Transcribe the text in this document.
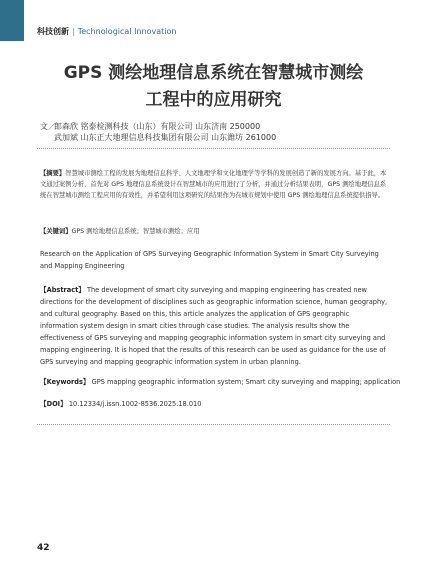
科技创新 | Technological Innovation
GPS 测绘地理信息系统在智慧城市测绘
工程中的应用研究
文／
郎森欣 铭泰检测科技（山东）有限公司 山东济南 250000
武加斌 山东正大地理信息科技集团有限公司 山东潍坊 261000
【摘要】智慧城市测绘工程的发展为地理信息科学、人文地理学和文化地理学等学科的发展创造了新的发展方向。基于此，本文通过案例分析，首先对 GPS 地理信息系统设计在智慧城市的应用进行了分析，并通过分析结果表明，GPS 测绘地理信息系统在智慧城市测绘工程应用的有效性，并希望利用这项研究的结果作为在城市规划中使用 GPS 测绘地理信息系统提供指导。
【关键词】GPS 测绘地理信息系统；智慧城市测绘；应用
Research on the Application of GPS Surveying Geographic Information System in Smart City Surveying and Mapping Engineering
【Abstract】 The development of smart city surveying and mapping engineering has created new directions for the development of disciplines such as geographic information science, human geography, and cultural geography. Based on this, this article analyzes the application of GPS geographic information system design in smart cities through case studies. The analysis results show the effectiveness of GPS surveying and mapping geographic information system in smart city surveying and mapping engineering. It is hoped that the results of this research can be used as guidance for the use of GPS surveying and mapping geographic information system in urban planning.
【Keywords】 GPS mapping geographic information system; Smart city surveying and mapping; application
【DOI】 10.12334/j.issn.1002-8536.2025.18.010
42
